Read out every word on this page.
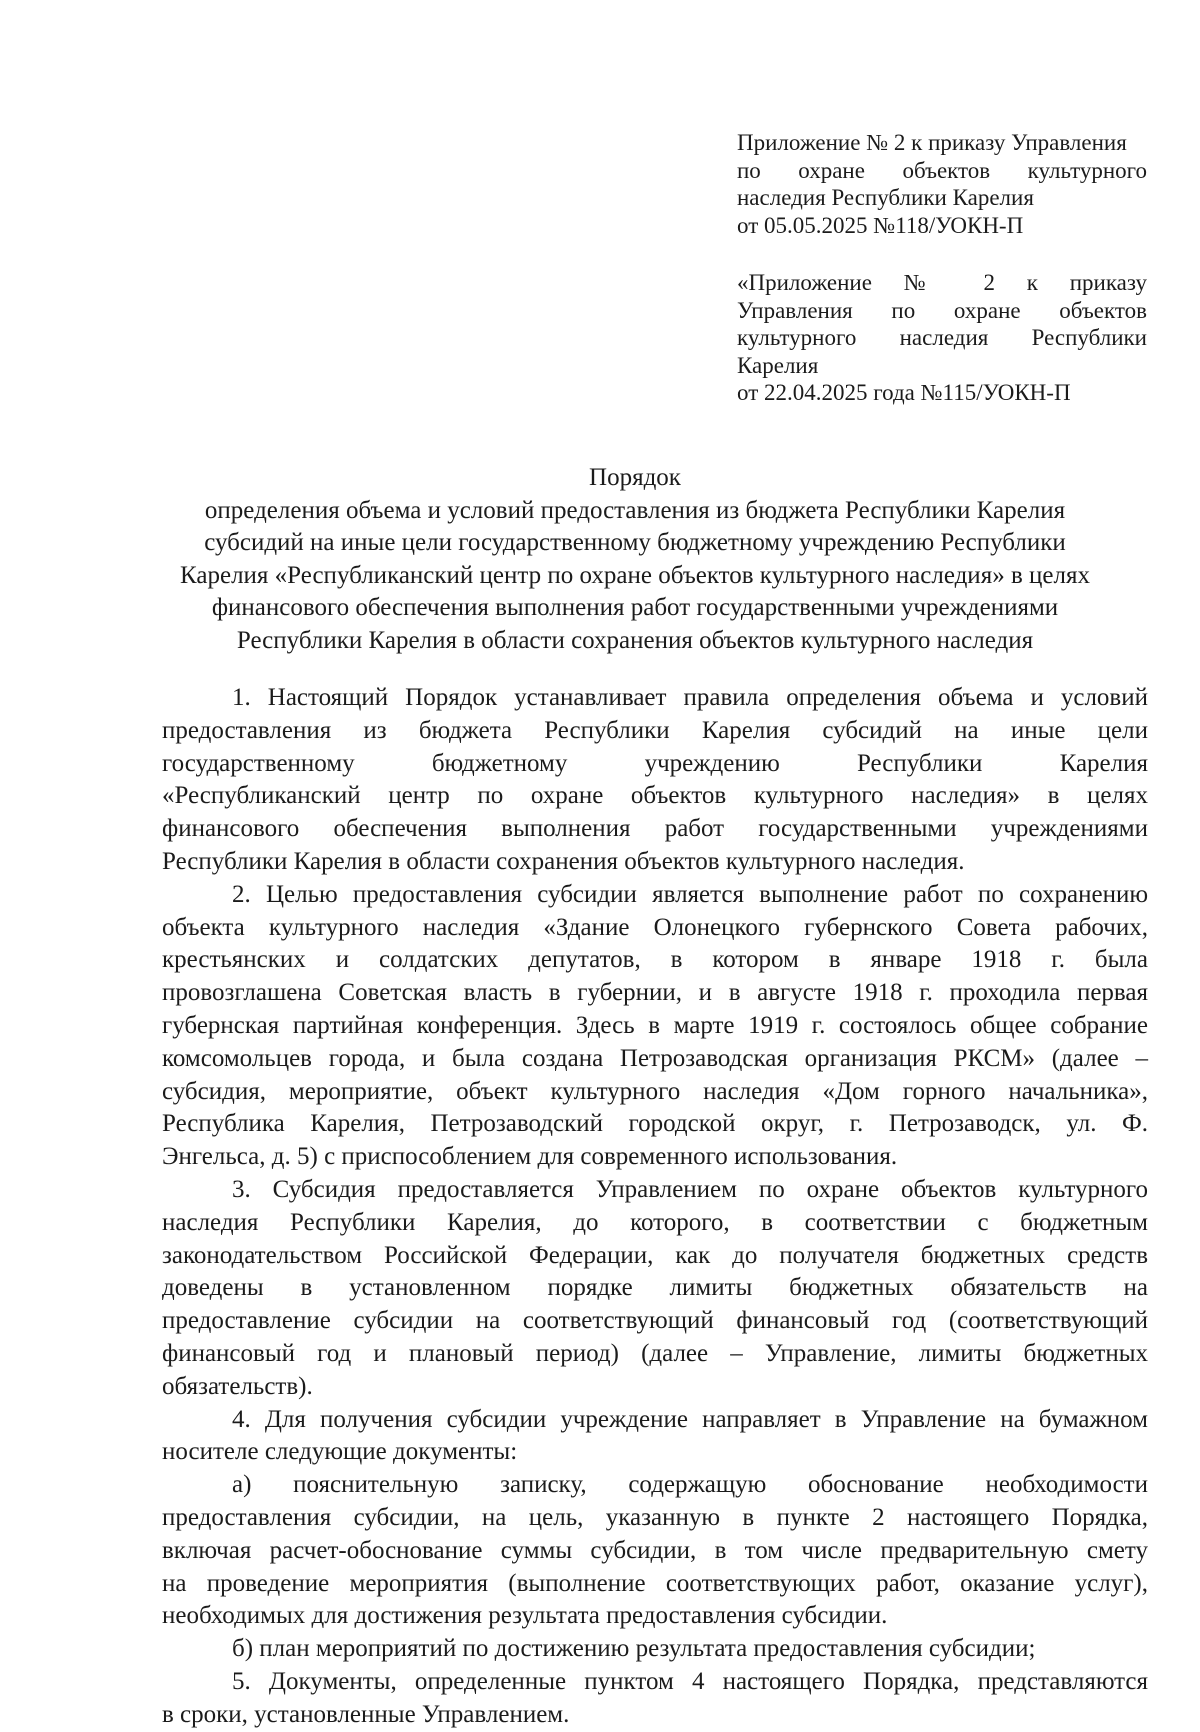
Приложение № 2 к приказу Управления
по охране объектов культурного
наследия Республики Карелия
от 05.05.2025 №118/УОКН-П
«Приложение № 2 к приказу
Управления по охране объектов
культурного наследия Республики
Карелия
от 22.04.2025 года №115/УОКН-П
Порядок
определения объема и условий предоставления из бюджета Республики Карелия
субсидий на иные цели государственному бюджетному учреждению Республики
Карелия «Республиканский центр по охране объектов культурного наследия» в целях
финансового обеспечения выполнения работ государственными учреждениями
Республики Карелия в области сохранения объектов культурного наследия
1. Настоящий Порядок устанавливает правила определения объема и условий
предоставления из бюджета Республики Карелия субсидий на иные цели
государственному бюджетному учреждению Республики Карелия
«Республиканский центр по охране объектов культурного наследия» в целях
финансового обеспечения выполнения работ государственными учреждениями
Республики Карелия в области сохранения объектов культурного наследия.
2. Целью предоставления субсидии является выполнение работ по сохранению
объекта культурного наследия «Здание Олонецкого губернского Совета рабочих,
крестьянских и солдатских депутатов, в котором в январе 1918 г. была
провозглашена Советская власть в губернии, и в августе 1918 г. проходила первая
губернская партийная конференция. Здесь в марте 1919 г. состоялось общее собрание
комсомольцев города, и была создана Петрозаводская организация РКСМ» (далее –
субсидия, мероприятие, объект культурного наследия «Дом горного начальника»,
Республика Карелия, Петрозаводский городской округ, г. Петрозаводск, ул. Ф.
Энгельса, д. 5) с приспособлением для современного использования.
3. Субсидия предоставляется Управлением по охране объектов культурного
наследия Республики Карелия, до которого, в соответствии с бюджетным
законодательством Российской Федерации, как до получателя бюджетных средств
доведены в установленном порядке лимиты бюджетных обязательств на
предоставление субсидии на соответствующий финансовый год (соответствующий
финансовый год и плановый период) (далее – Управление, лимиты бюджетных
обязательств).
4. Для получения субсидии учреждение направляет в Управление на бумажном
носителе следующие документы:
а) пояснительную записку, содержащую обоснование необходимости
предоставления субсидии, на цель, указанную в пункте 2 настоящего Порядка,
включая расчет-обоснование суммы субсидии, в том числе предварительную смету
на проведение мероприятия (выполнение соответствующих работ, оказание услуг),
необходимых для достижения результата предоставления субсидии.
б) план мероприятий по достижению результата предоставления субсидии;
5. Документы, определенные пунктом 4 настоящего Порядка, представляются
в сроки, установленные Управлением.
